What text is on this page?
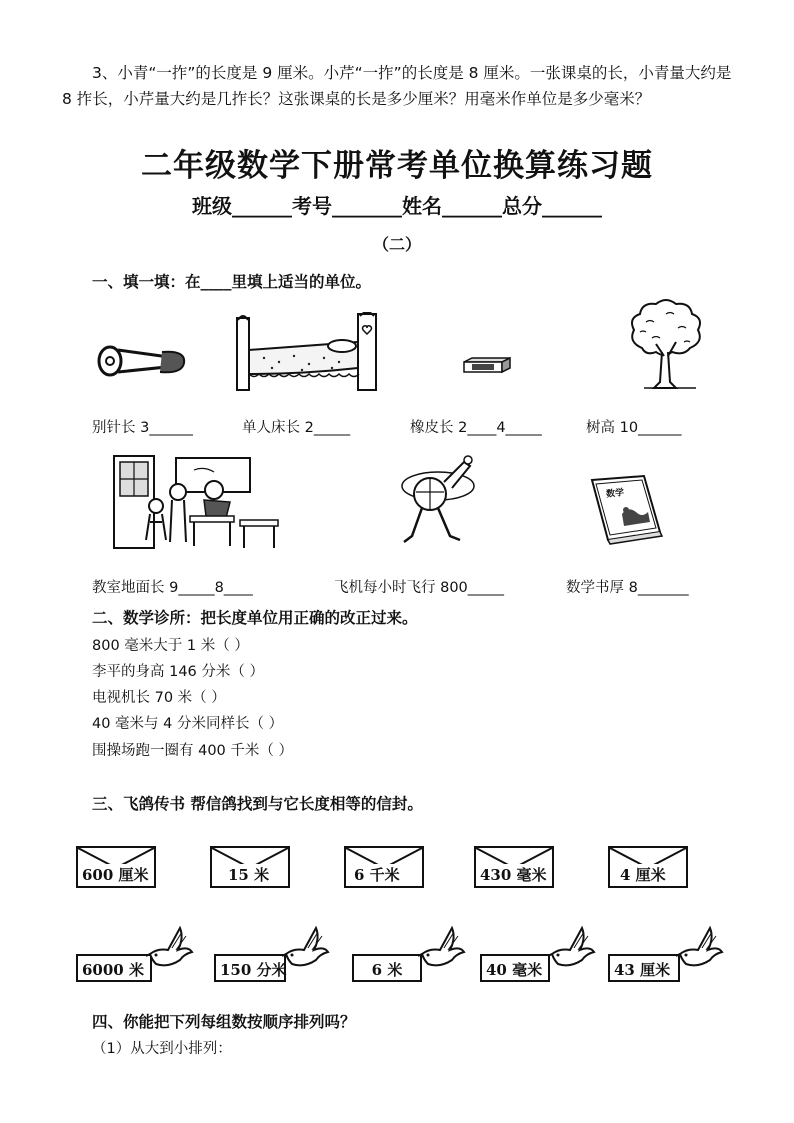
3、小青“一拃”的长度是 9 厘米。小芹“一拃”的长度是 8 厘米。一张课桌的长，小青量大约是 8 拃长，小芹量大约是几拃长？这张课桌的长是多少厘米？用毫米作单位是多少毫米？

二年级数学下册常考单位换算练习题
班级______考号_______姓名______总分______
（二）
一、填一填：在____里填上适当的单位。
别针长 3______	单人床长 2_____	橡皮长 2____4_____	树高 10______
数学
教室地面长 9_____8____	飞机每小时飞行 800_____	数学书厚 8_______
二、数学诊所：把长度单位用正确的改正过来。
800 毫米大于 1 米（ ）
李平的身高 146 分米（ ）
电视机长 70 米（ ）
40 毫米与 4 分米同样长（ ）
围操场跑一圈有 400 千米（ ）
三、飞鸽传书 帮信鸽找到与它长度相等的信封。
600 厘米	15 米	6 千米	430 毫米	4 厘米
6000 米	150 分米	6 米	40 毫米	43 厘米
四、你能把下列每组数按顺序排列吗？
（1）从大到小排列：
